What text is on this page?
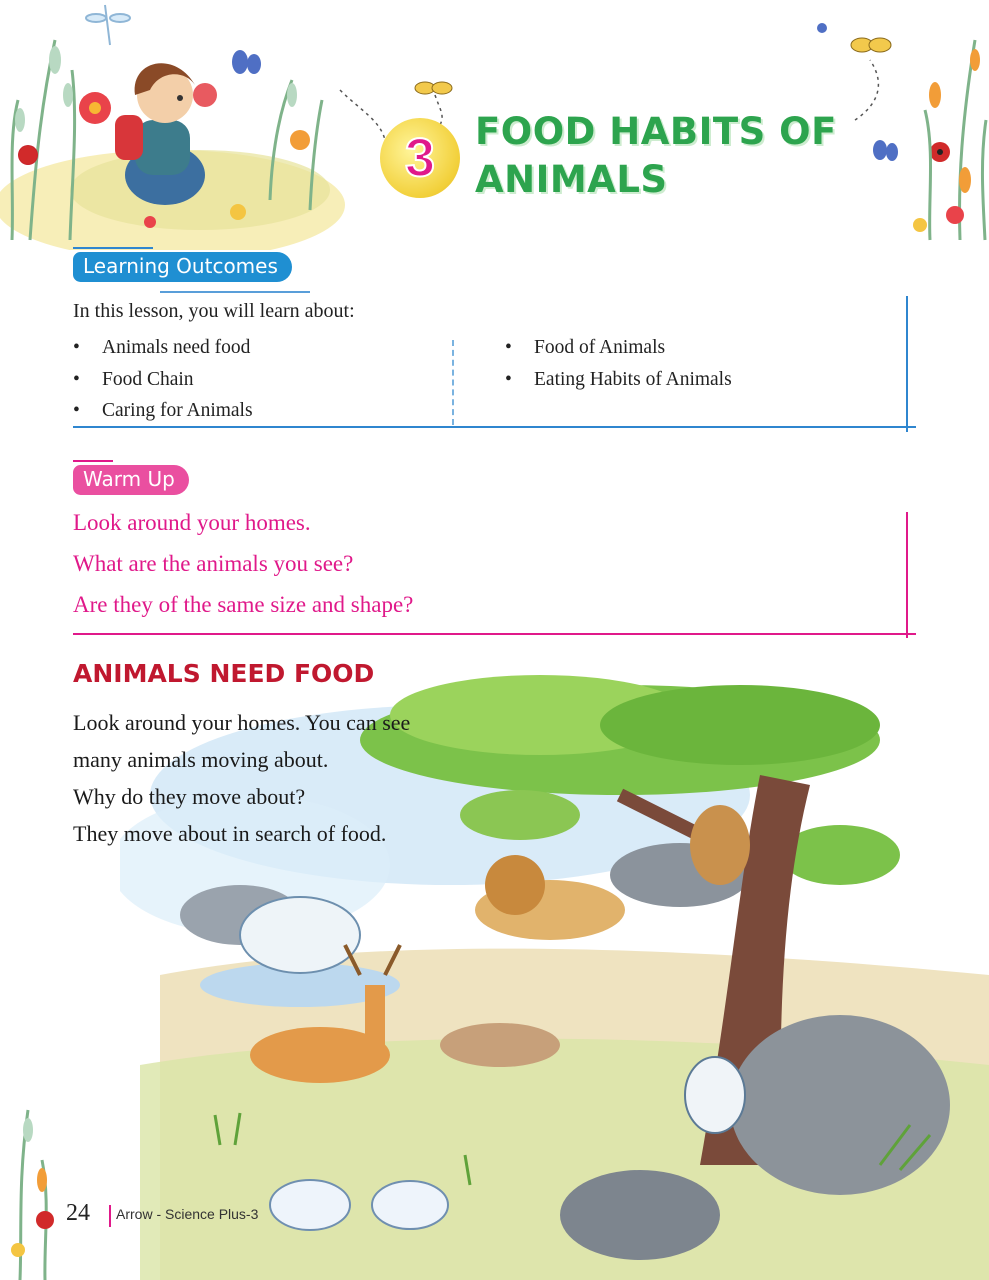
3 FOOD HABITS OF
ANIMALS
Learning Outcomes
In this lesson, you will learn about:
• Animals need food
• Food Chain
• Caring for Animals
• Food of Animals
• Eating Habits of Animals
Warm Up
Look around your homes.
What are the animals you see?
Are they of the same size and shape?
ANIMALS NEED FOOD
Look around your homes. You can see
many animals moving about.
Why do they move about?
They move about in search of food.
24 Arrow - Science Plus-3
